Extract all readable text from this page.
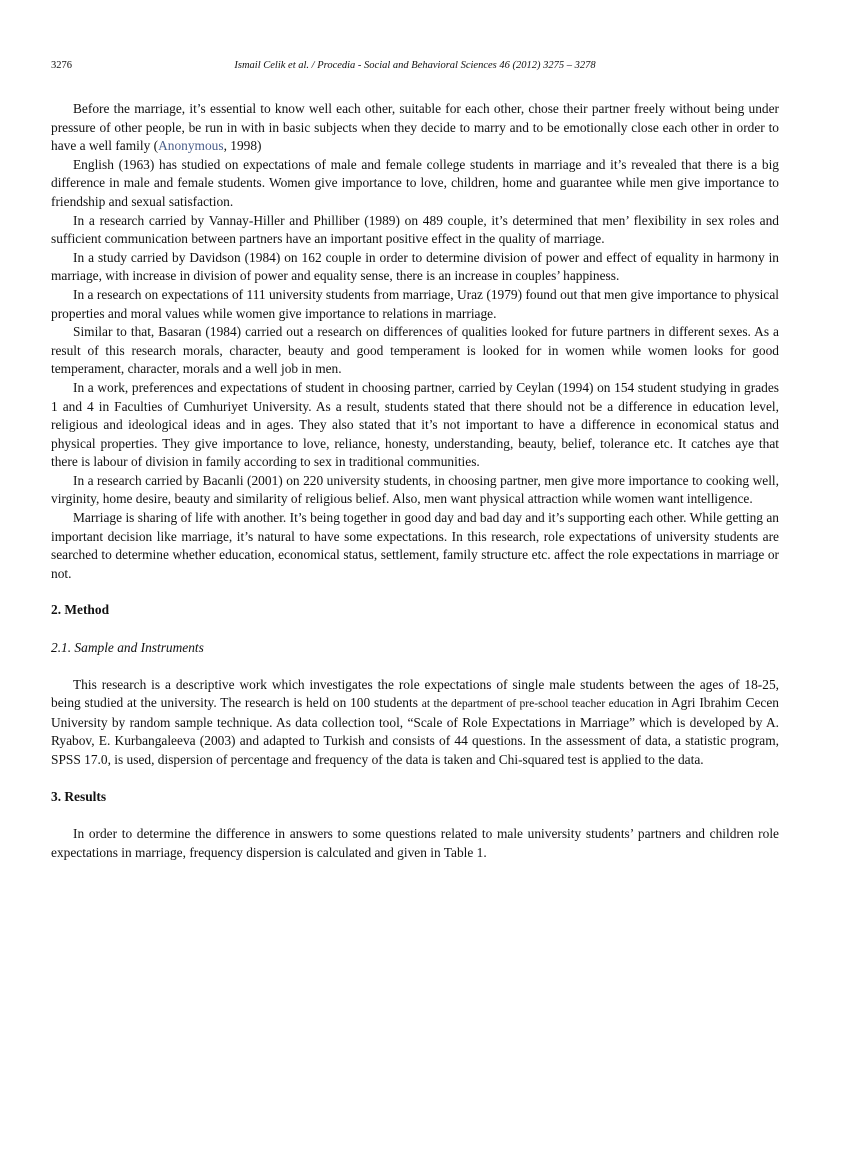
3276	Ismail Celik et al. / Procedia - Social and Behavioral Sciences 46 (2012) 3275 – 3278

Before the marriage, it’s essential to know well each other, suitable for each other, chose their partner freely without being under pressure of other people, be run in with in basic subjects when they decide to marry and to be emotionally close each other in order to have a well family (Anonymous, 1998)

English (1963) has studied on expectations of male and female college students in marriage and it’s revealed that there is a big difference in male and female students. Women give importance to love, children, home and guarantee while men give importance to friendship and sexual satisfaction.

In a research carried by Vannay-Hiller and Philliber (1989) on 489 couple, it’s determined that men’ flexibility in sex roles and sufficient communication between partners have an important positive effect in the quality of marriage.

In a study carried by Davidson (1984) on 162 couple in order to determine division of power and effect of equality in harmony in marriage, with increase in division of power and equality sense, there is an increase in couples’ happiness.

In a research on expectations of 111 university students from marriage, Uraz (1979) found out that men give importance to physical properties and moral values while women give importance to relations in marriage.

Similar to that, Basaran (1984) carried out a research on differences of qualities looked for future partners in different sexes. As a result of this research morals, character, beauty and good temperament is looked for in women while women looks for good temperament, character, morals and a well job in men.

In a work, preferences and expectations of student in choosing partner, carried by Ceylan (1994) on 154 student studying in grades 1 and 4 in Faculties of Cumhuriyet University. As a result, students stated that there should not be a difference in education level, religious and ideological ideas and in ages. They also stated that it’s not important to have a difference in economical status and physical properties. They give importance to love, reliance, honesty, understanding, beauty, belief, tolerance etc. It catches aye that there is labour of division in family according to sex in traditional communities.

In a research carried by Bacanli (2001) on 220 university students, in choosing partner, men give more importance to cooking well, virginity, home desire, beauty and similarity of religious belief. Also, men want physical attraction while women want intelligence.

Marriage is sharing of life with another. It’s being together in good day and bad day and it’s supporting each other. While getting an important decision like marriage, it’s natural to have some expectations. In this research, role expectations of university students are searched to determine whether education, economical status, settlement, family structure etc. affect the role expectations in marriage or not.

2. Method
2.1. Sample and Instruments

This research is a descriptive work which investigates the role expectations of single male students between the ages of 18-25, being studied at the university. The research is held on 100 students at the department of pre-school teacher education in Agri Ibrahim Cecen University by random sample technique. As data collection tool, “Scale of Role Expectations in Marriage” which is developed by A. Ryabov, E. Kurbangaleeva (2003) and adapted to Turkish and consists of 44 questions. In the assessment of data, a statistic program, SPSS 17.0, is used, dispersion of percentage and frequency of the data is taken and Chi-squared test is applied to the data.

3. Results

In order to determine the difference in answers to some questions related to male university students’ partners and children role expectations in marriage, frequency dispersion is calculated and given in Table 1.
